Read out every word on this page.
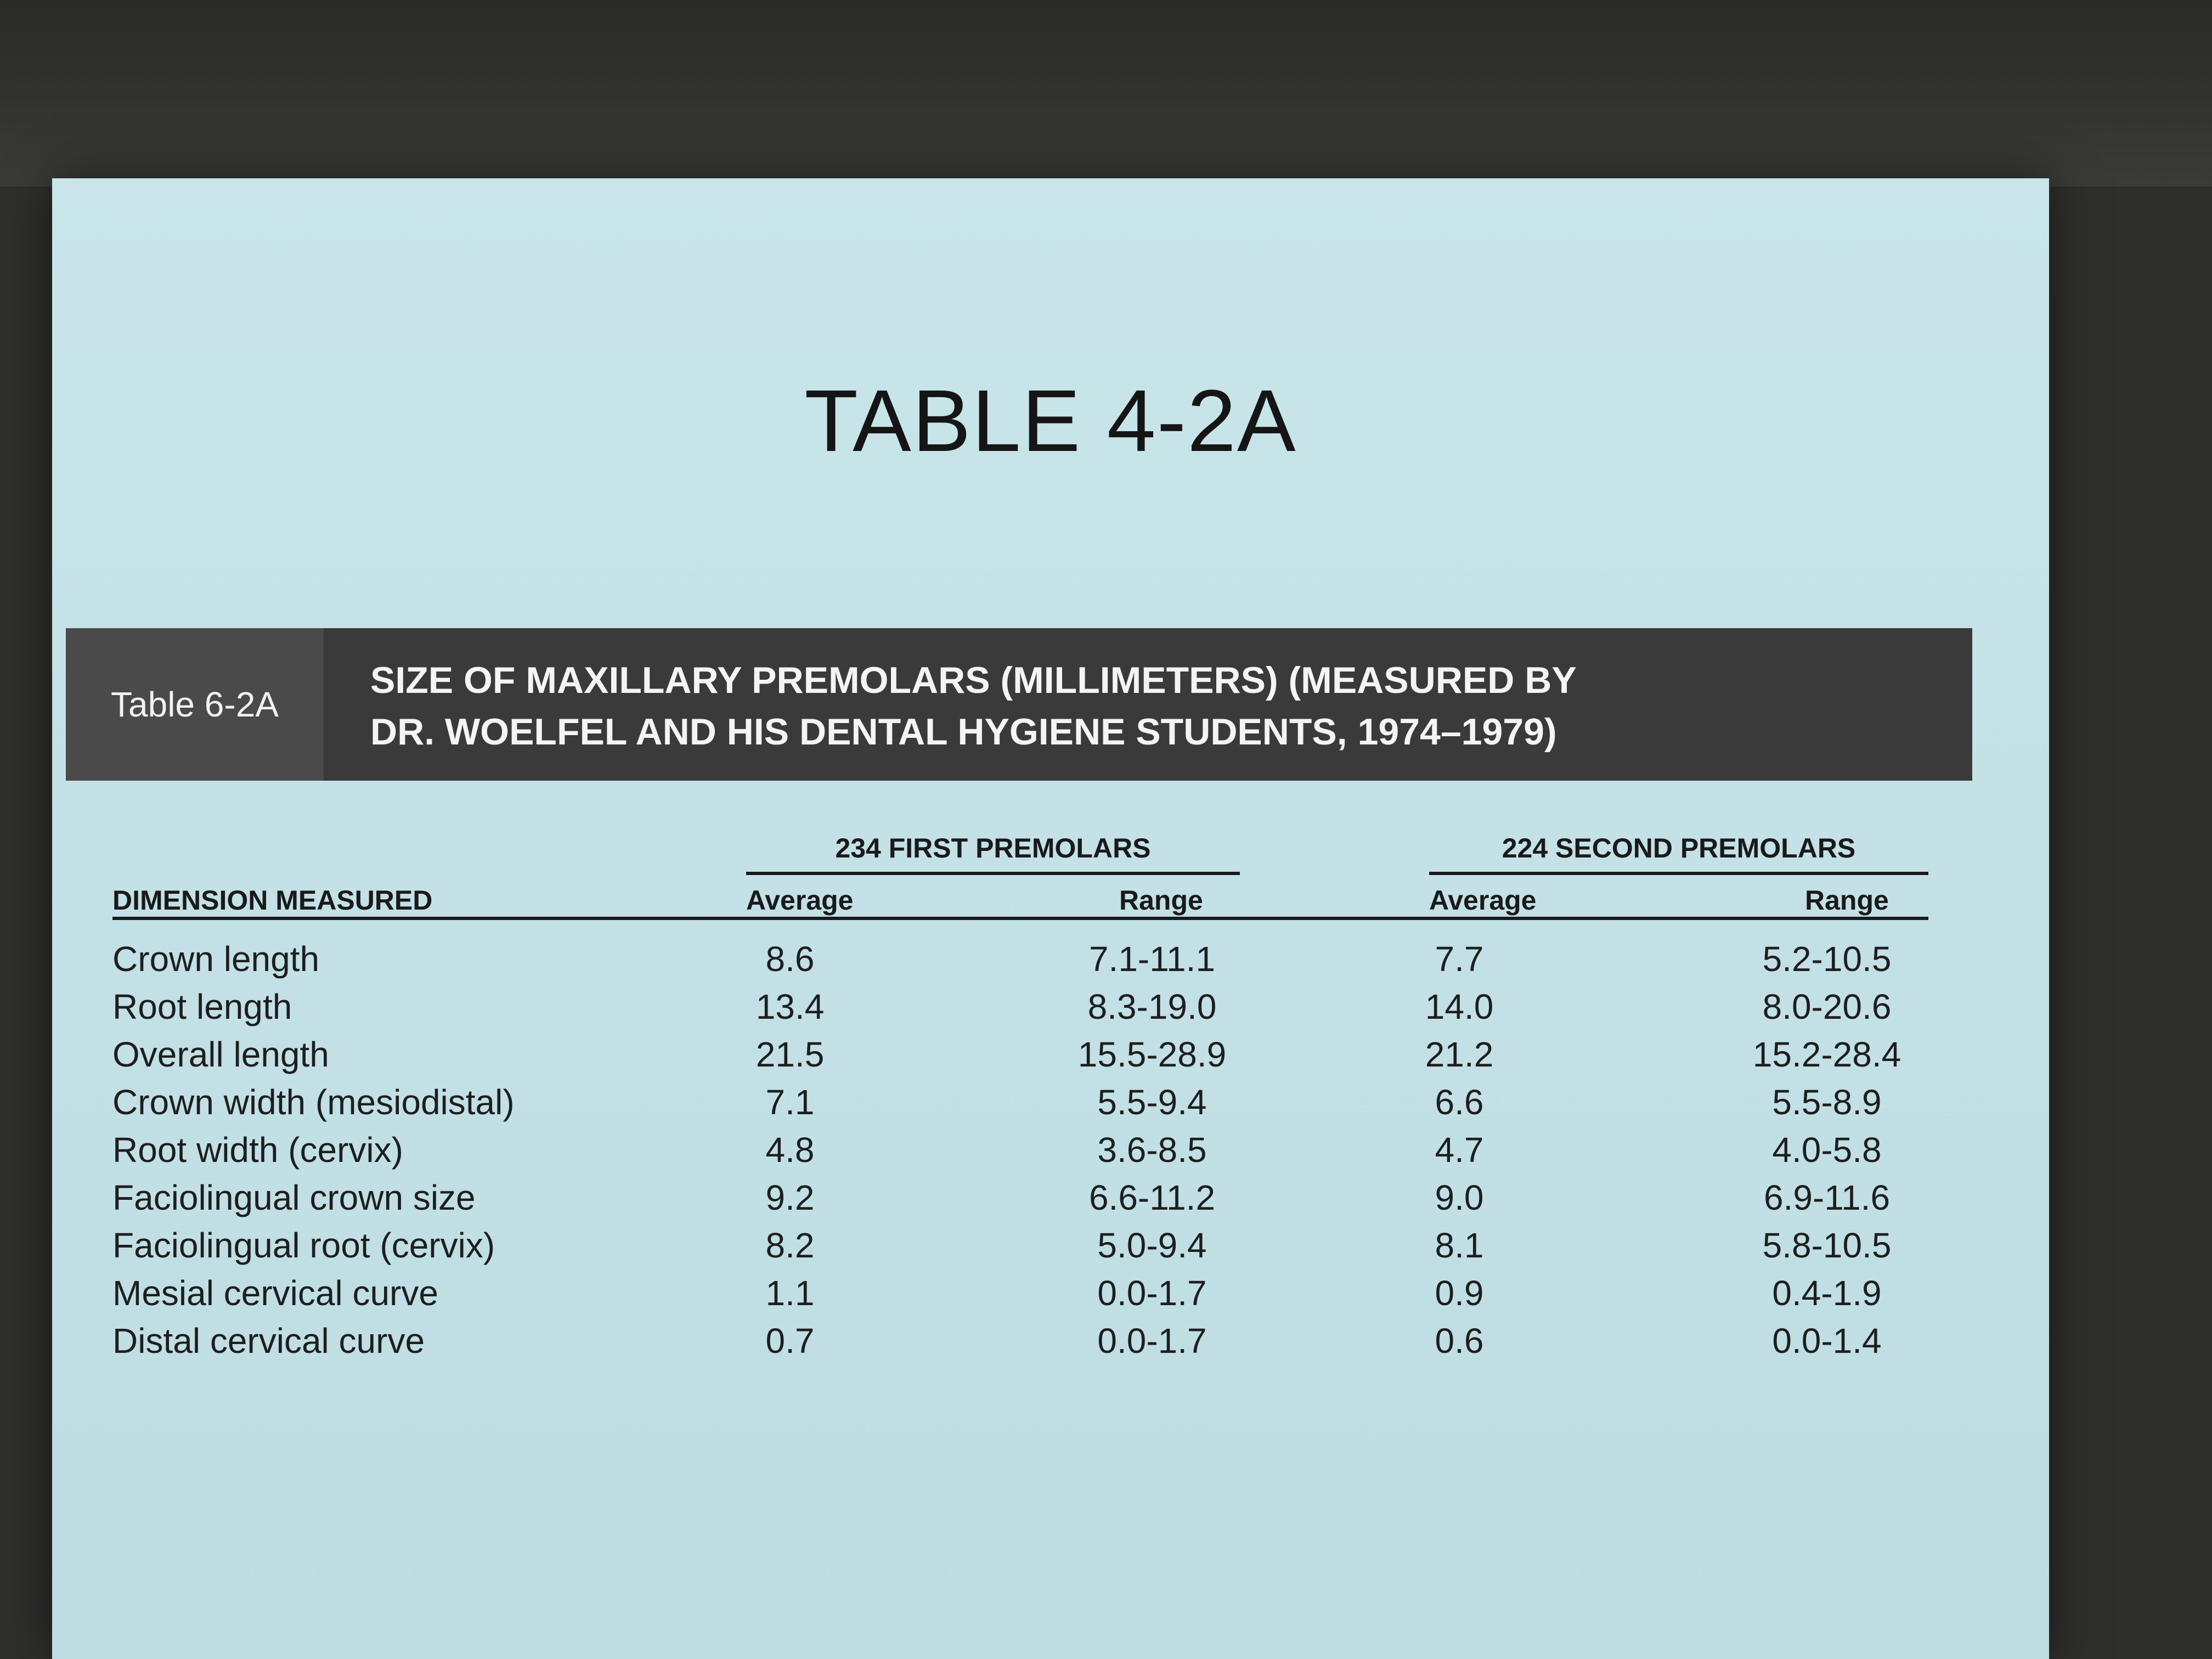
TABLE 4-2A
Table 6-2A
SIZE OF MAXILLARY PREMOLARS (MILLIMETERS) (MEASURED BY
DR. WOELFEL AND HIS DENTAL HYGIENE STUDENTS, 1974–1979)
234 FIRST PREMOLARS	224 SECOND PREMOLARS
DIMENSION MEASURED	Average	Range	Average	Range
Crown length	8.6	7.1-11.1	7.7	5.2-10.5
Root length	13.4	8.3-19.0	14.0	8.0-20.6
Overall length	21.5	15.5-28.9	21.2	15.2-28.4
Crown width (mesiodistal)	7.1	5.5-9.4	6.6	5.5-8.9
Root width (cervix)	4.8	3.6-8.5	4.7	4.0-5.8
Faciolingual crown size	9.2	6.6-11.2	9.0	6.9-11.6
Faciolingual root (cervix)	8.2	5.0-9.4	8.1	5.8-10.5
Mesial cervical curve	1.1	0.0-1.7	0.9	0.4-1.9
Distal cervical curve	0.7	0.0-1.7	0.6	0.0-1.4
